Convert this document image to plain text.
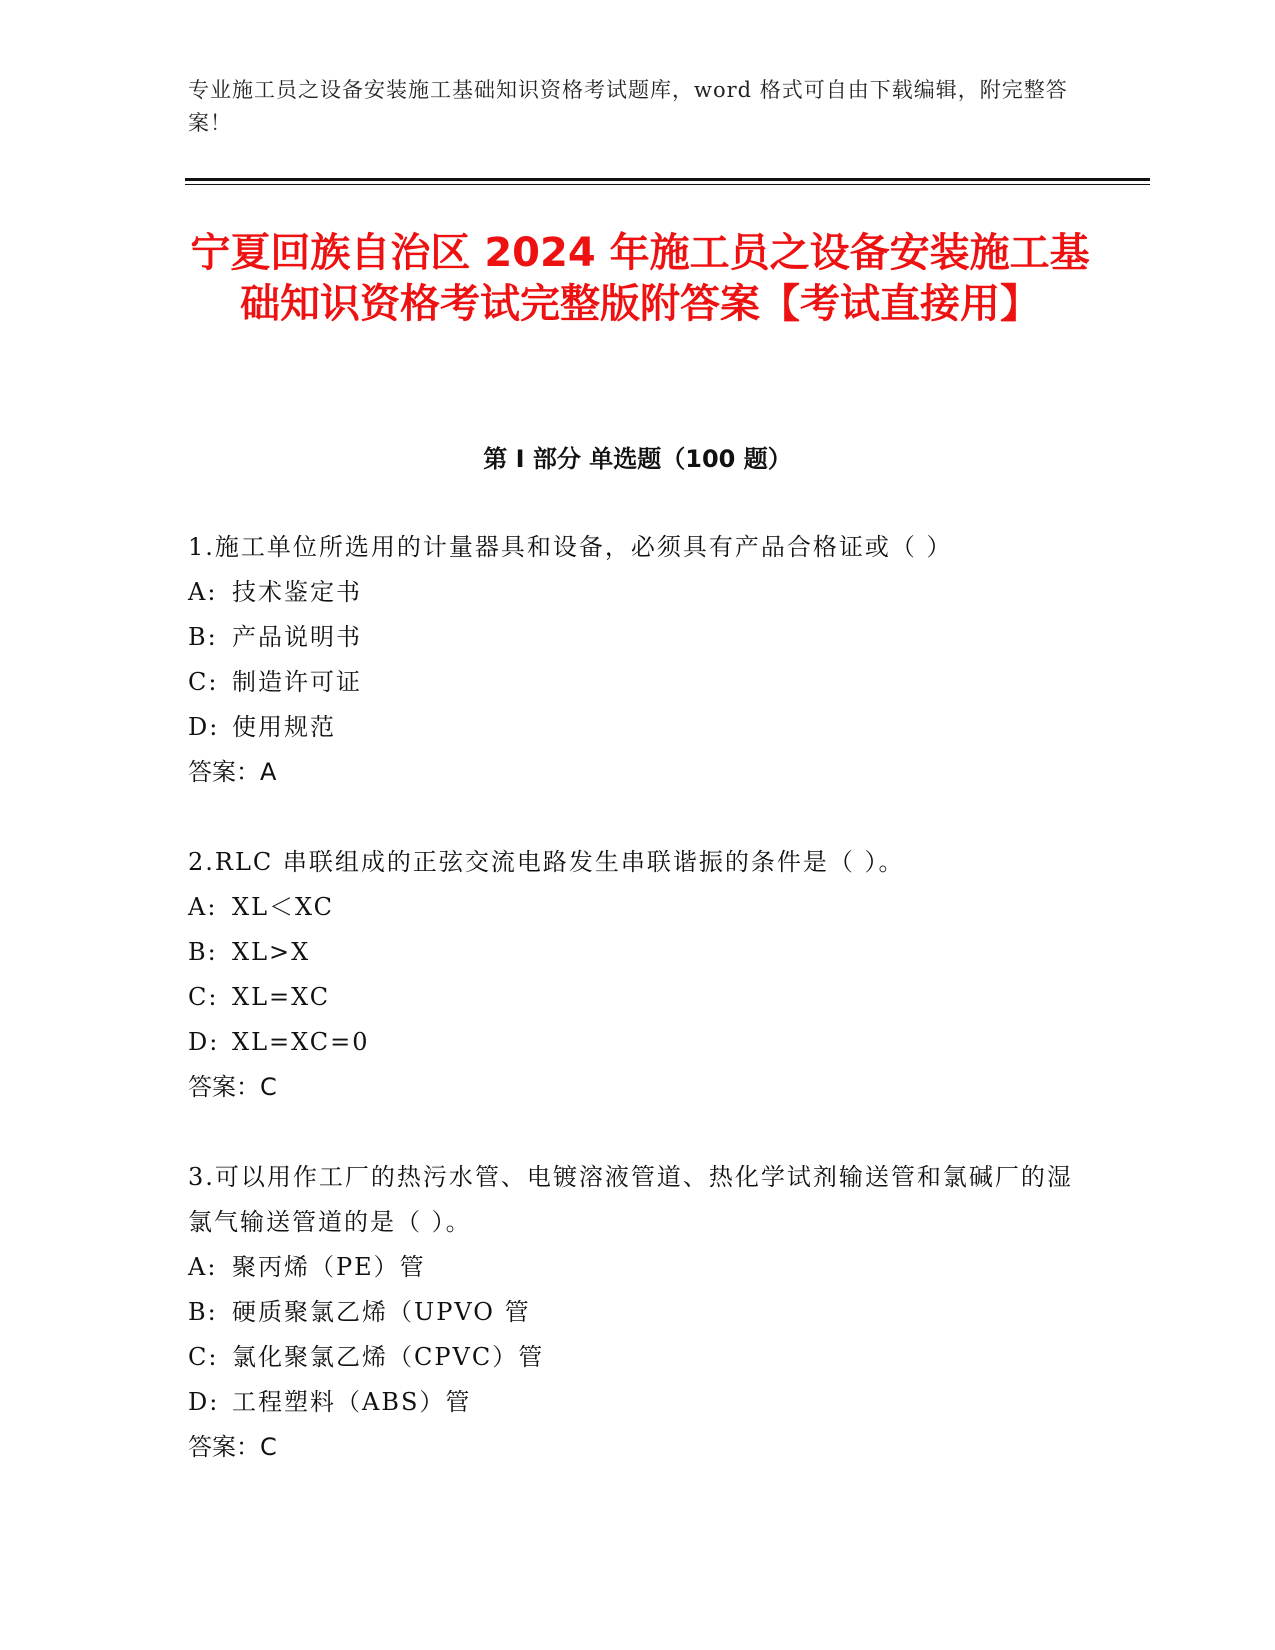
专业施工员之设备安装施工基础知识资格考试题库，word 格式可自由下载编辑，附完整答案！
宁夏回族自治区 2024 年施工员之设备安装施工基础知识资格考试完整版附答案【考试直接用】
第 I 部分 单选题（100 题）

1.施工单位所选用的计量器具和设备，必须具有产品合格证或（ ）

A: 技术鉴定书

B: 产品说明书

C: 制造许可证

D: 使用规范

答案：A

2.RLC 串联组成的正弦交流电路发生串联谐振的条件是（ ）。

A: XL＜XC

B: XL>X

C: XL=XC

D: XL=XC=0

答案：C

3.可以用作工厂的热污水管、电镀溶液管道、热化学试剂输送管和氯碱厂的湿氯气输送管道的是（ ）。

A: 聚丙烯（PE）管

B: 硬质聚氯乙烯（UPVO 管

C: 氯化聚氯乙烯（CPVC）管

D: 工程塑料（ABS）管

答案：C
